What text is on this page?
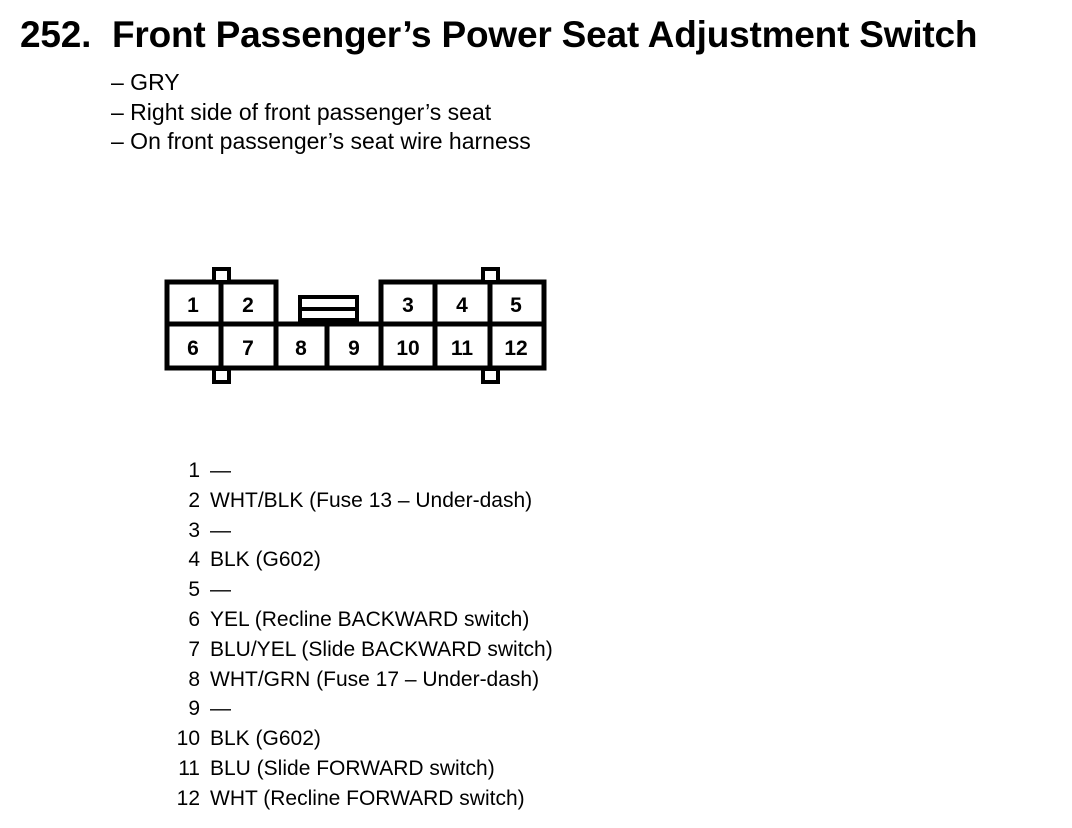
252. Front Passenger’s Power Seat Adjustment Switch
– GRY
– Right side of front passenger’s seat
– On front passenger’s seat wire harness
1 2	3 4 5
6 7 8 9 10 11 12
1 —
2 WHT/BLK (Fuse 13 – Under-dash)
3 —
4 BLK (G602)
5 —
6 YEL (Recline BACKWARD switch)
7 BLU/YEL (Slide BACKWARD switch)
8 WHT/GRN (Fuse 17 – Under-dash)
9 —
10 BLK (G602)
11 BLU (Slide FORWARD switch)
12 WHT (Recline FORWARD switch)
